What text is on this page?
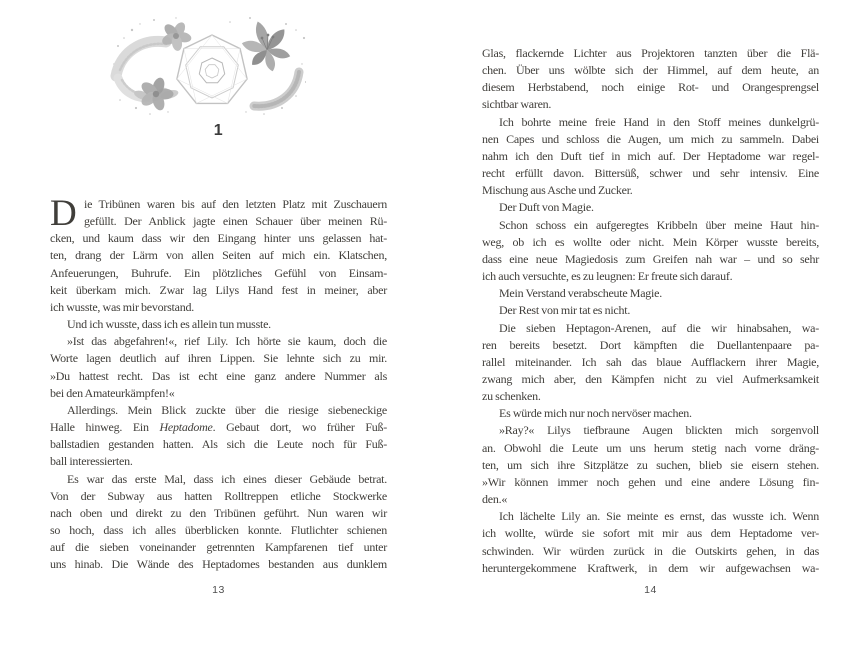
1
D ie Tribünen waren bis auf den letzten Platz mit Zuschauern
gefüllt. Der Anblick jagte einen Schauer über meinen Rü-
cken, und kaum dass wir den Eingang hinter uns gelassen hat-
ten, drang der Lärm von allen Seiten auf mich ein. Klatschen,
Anfeuerungen, Buhrufe. Ein plötzliches Gefühl von Einsam-
keit überkam mich. Zwar lag Lilys Hand fest in meiner, aber
ich wusste, was mir bevorstand.
Und ich wusste, dass ich es allein tun musste.
»Ist das abgefahren!«, rief Lily. Ich hörte sie kaum, doch die
Worte lagen deutlich auf ihren Lippen. Sie lehnte sich zu mir.
»Du hattest recht. Das ist echt eine ganz andere Nummer als
bei den Amateurkämpfen!«
Allerdings. Mein Blick zuckte über die riesige siebeneckige
Halle hinweg. Ein Heptadome. Gebaut dort, wo früher Fuß-
ballstadien gestanden hatten. Als sich die Leute noch für Fuß-
ball interessierten.
Es war das erste Mal, dass ich eines dieser Gebäude betrat.
Von der Subway aus hatten Rolltreppen etliche Stockwerke
nach oben und direkt zu den Tribünen geführt. Nun waren wir
so hoch, dass ich alles überblicken konnte. Flutlichter schienen
auf die sieben voneinander getrennten Kampfarenen tief unter
uns hinab. Die Wände des Heptadomes bestanden aus dunklem
13
Glas, flackernde Lichter aus Projektoren tanzten über die Flä-
chen. Über uns wölbte sich der Himmel, auf dem heute, an
diesem Herbstabend, noch einige Rot- und Orangesprengsel
sichtbar waren.
Ich bohrte meine freie Hand in den Stoff meines dunkelgrü-
nen Capes und schloss die Augen, um mich zu sammeln. Dabei
nahm ich den Duft tief in mich auf. Der Heptadome war regel-
recht erfüllt davon. Bittersüß, schwer und sehr intensiv. Eine
Mischung aus Asche und Zucker.
Der Duft von Magie.
Schon schoss ein aufgeregtes Kribbeln über meine Haut hin-
weg, ob ich es wollte oder nicht. Mein Körper wusste bereits,
dass eine neue Magiedosis zum Greifen nah war – und so sehr
ich auch versuchte, es zu leugnen: Er freute sich darauf.
Mein Verstand verabscheute Magie.
Der Rest von mir tat es nicht.
Die sieben Heptagon-Arenen, auf die wir hinabsahen, wa-
ren bereits besetzt. Dort kämpften die Duellantenpaare pa-
rallel miteinander. Ich sah das blaue Aufflackern ihrer Magie,
zwang mich aber, den Kämpfen nicht zu viel Aufmerksamkeit
zu schenken.
Es würde mich nur noch nervöser machen.
»Ray?« Lilys tiefbraune Augen blickten mich sorgenvoll
an. Obwohl die Leute um uns herum stetig nach vorne dräng-
ten, um sich ihre Sitzplätze zu suchen, blieb sie eisern stehen.
»Wir können immer noch gehen und eine andere Lösung fin-
den.«
Ich lächelte Lily an. Sie meinte es ernst, das wusste ich. Wenn
ich wollte, würde sie sofort mit mir aus dem Heptadome ver-
schwinden. Wir würden zurück in die Outskirts gehen, in das
heruntergekommene Kraftwerk, in dem wir aufgewachsen wa-
14
